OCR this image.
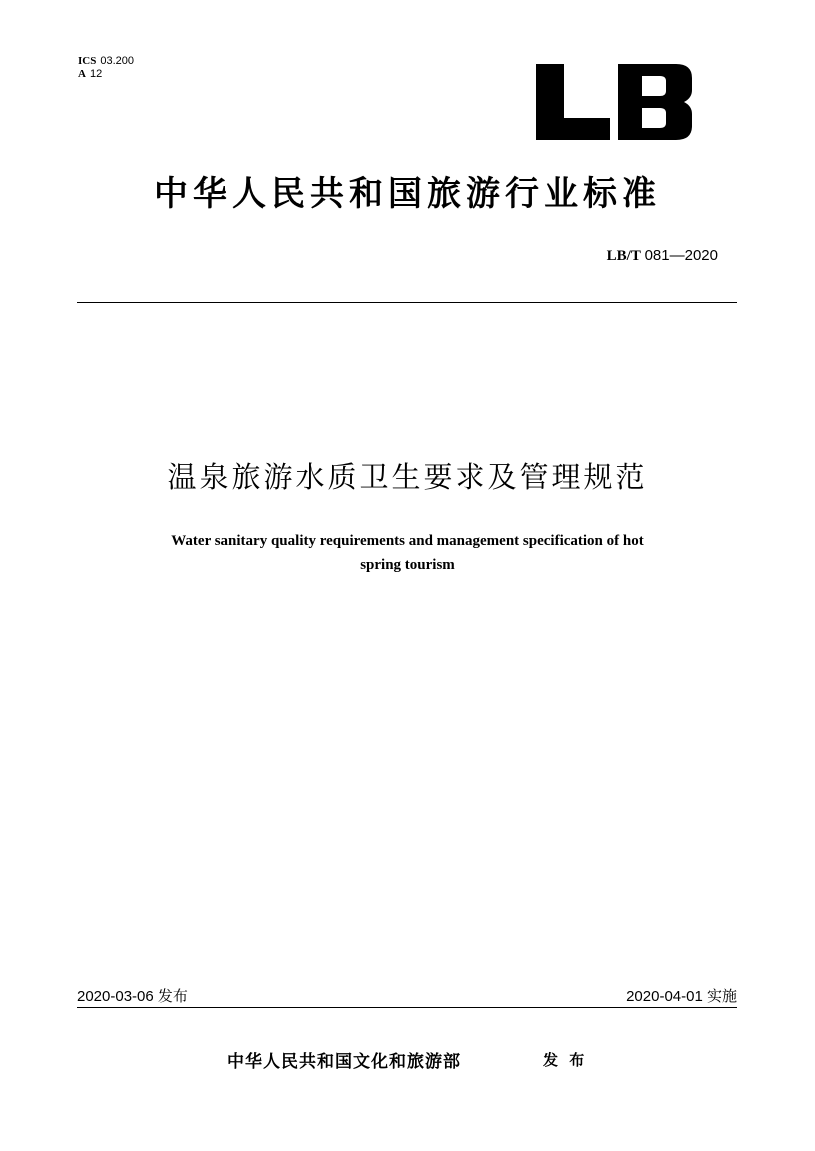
ICS 03.200
A 12
中华人民共和国旅游行业标准
LB/T 081—2020
温泉旅游水质卫生要求及管理规范
Water sanitary quality requirements and management specification of hot
spring tourism
2020-03-06 发布	2020-04-01 实施
中华人民共和国文化和旅游部	发 布
